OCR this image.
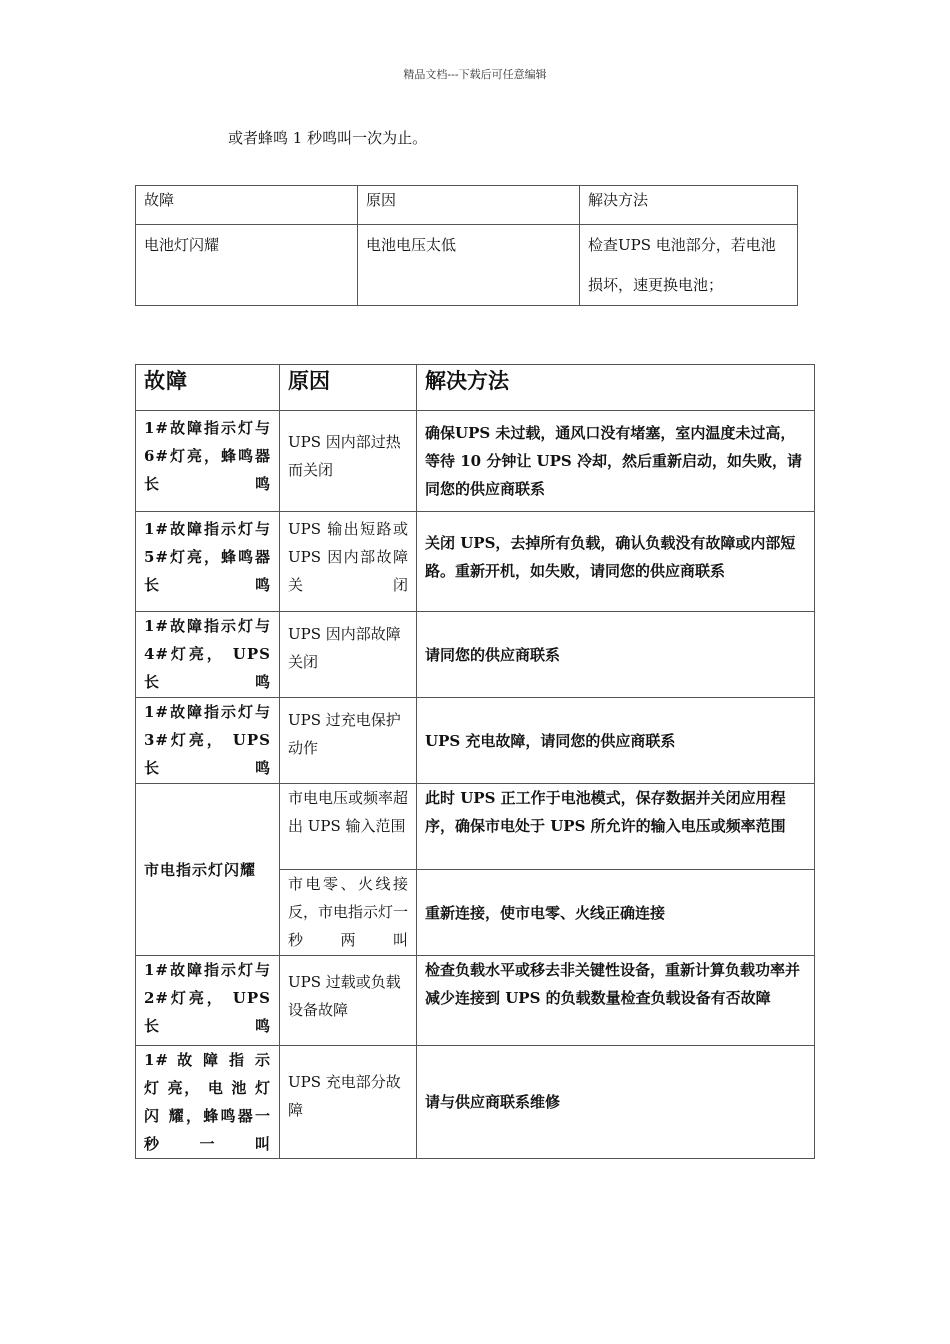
精品文档---下载后可任意编辑
或者蜂鸣 1 秒鸣叫一次为止。
故障	原因	解决方法
电池灯闪耀	电池电压太低	检查UPS 电池部分，若电池
损坏，速更换电池；
故障	原因	解决方法
1#故障指示灯与6#灯亮，蜂鸣器长鸣	UPS 因内部过热而关闭	确保UPS 未过载，通风口没有堵塞，室内温度未过高，等待 10 分钟让 UPS 冷却，然后重新启动，如失败，请同您的供应商联系
1#故障指示灯与5#灯亮，蜂鸣器长鸣	UPS 输出短路或UPS 因内部故障关闭	关闭 UPS，去掉所有负载，确认负载没有故障或内部短路。重新开机，如失败，请同您的供应商联系
1#故障指示灯与4#灯亮， UPS 长鸣	UPS 因内部故障关闭	请同您的供应商联系
1#故障指示灯与3#灯亮， UPS 长鸣	UPS 过充电保护动作	UPS 充电故障，请同您的供应商联系
市电指示灯闪耀	市电电压或频率超出 UPS 输入范围	此时 UPS 正工作于电池模式，保存数据并关闭应用程序，确保市电处于 UPS 所允许的输入电压或频率范围
	市电零、火线接反，市电指示灯一秒两叫	重新连接，使市电零、火线正确连接
1#故障指示灯与2#灯亮， UPS 长鸣	UPS 过载或负载设备故障	检查负载水平或移去非关键性设备，重新计算负载功率并减少连接到 UPS 的负载数量检查负载设备有否故障
1# 故 障 指 示 灯 亮， 电 池 灯 闪 耀，蜂鸣器一秒一叫	UPS 充电部分故障	请与供应商联系维修
